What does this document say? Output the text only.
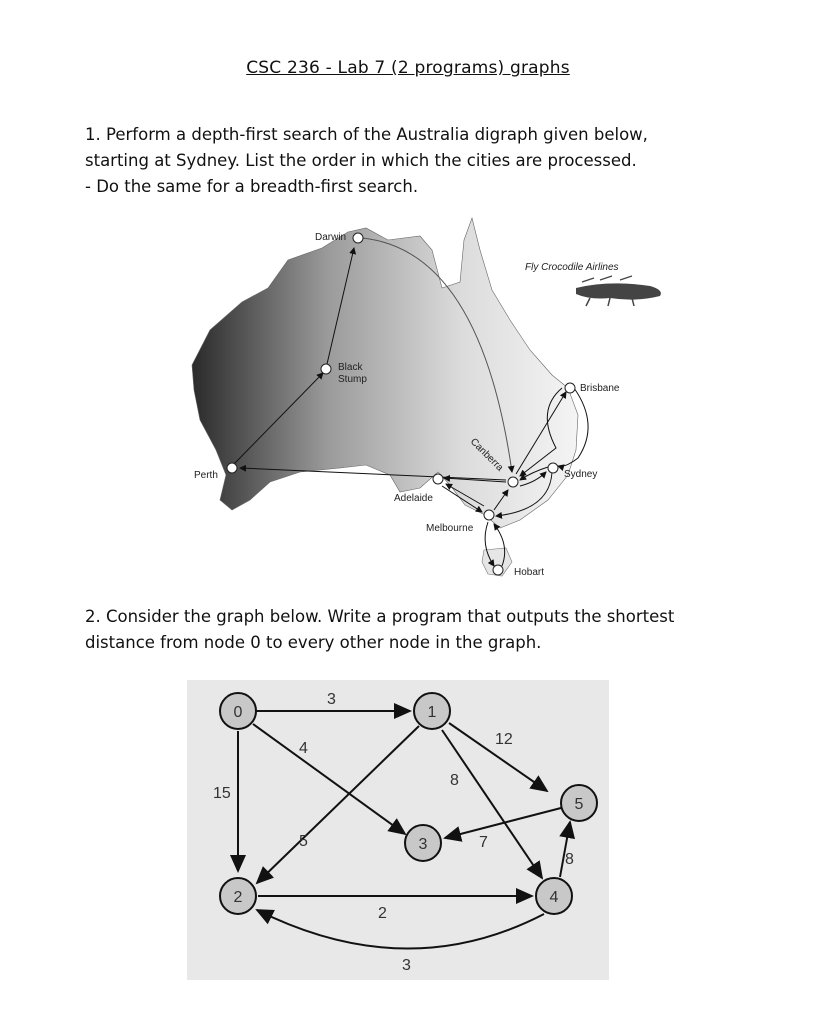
CSC 236 - Lab 7 (2 programs) graphs
1. Perform a depth-first search of the Australia digraph given below,
starting at Sydney. List the order in which the cities are processed.
- Do the same for a breadth-first search.
Fly Crocodile Airlines
Darwin
Black
Stump
Brisbane
Canberra
Sydney
Perth
Adelaide
Melbourne
Hobart
2. Consider the graph below. Write a program that outputs the shortest
distance from node 0 to every other node in the graph.
0	1
2
3
4
5
3
4
15
12
8
5	7
8
2
3
